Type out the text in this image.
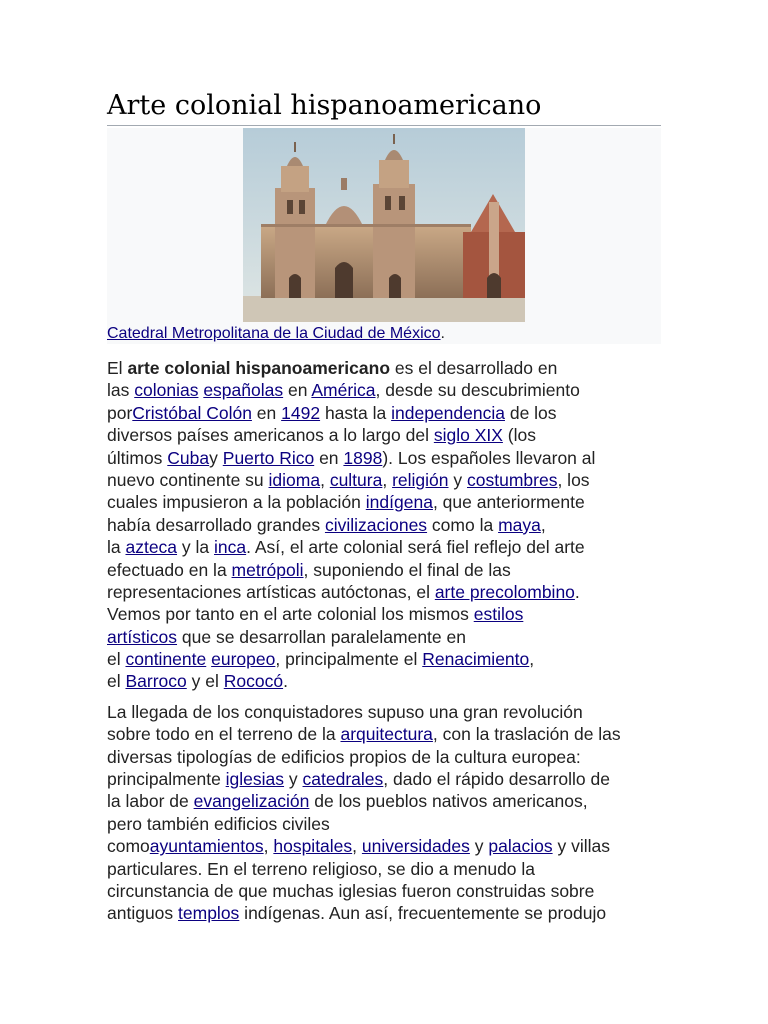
Arte colonial hispanoamericano
Catedral Metropolitana de la Ciudad de México.
El arte colonial hispanoamericano es el desarrollado en
las colonias españolas en América, desde su descubrimiento
porCristóbal Colón en 1492 hasta la independencia de los
diversos países americanos a lo largo del siglo XIX (los
últimos Cubay Puerto Rico en 1898). Los españoles llevaron al
nuevo continente su idioma, cultura, religión y costumbres, los
cuales impusieron a la población indígena, que anteriormente
había desarrollado grandes civilizaciones como la maya,
la azteca y la inca. Así, el arte colonial será fiel reflejo del arte
efectuado en la metrópoli, suponiendo el final de las
representaciones artísticas autóctonas, el arte precolombino.
Vemos por tanto en el arte colonial los mismos estilos
artísticos que se desarrollan paralelamente en
el continente europeo, principalmente el Renacimiento,
el Barroco y el Rococó.
La llegada de los conquistadores supuso una gran revolución
sobre todo en el terreno de la arquitectura, con la traslación de las
diversas tipologías de edificios propios de la cultura europea:
principalmente iglesias y catedrales, dado el rápido desarrollo de
la labor de evangelización de los pueblos nativos americanos,
pero también edificios civiles
comoayuntamientos, hospitales, universidades y palacios y villas
particulares. En el terreno religioso, se dio a menudo la
circunstancia de que muchas iglesias fueron construidas sobre
antiguos templos indígenas. Aun así, frecuentemente se produjo
